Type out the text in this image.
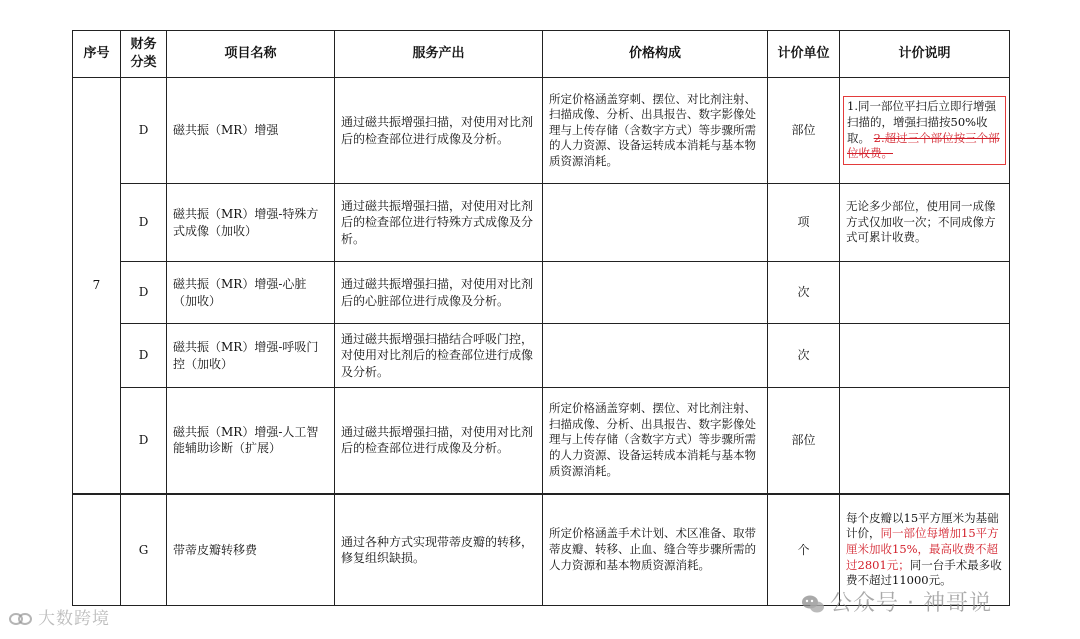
序号	财务分类	项目名称	服务产出	价格构成	计价单位	计价说明
7	D	磁共振（MR）增强	通过磁共振增强扫描，对使用对比剂后的检查部位进行成像及分析。	所定价格涵盖穿刺、摆位、对比剂注射、扫描成像、分析、出具报告、数字影像处理与上传存储（含数字方式）等步骤所需的人力资源、设备运转成本消耗与基本物质资源消耗。	部位	1.同一部位平扫后立即行增强扫描的，增强扫描按50%收取。 2.超过三个部位按三个部位收费。

	D	磁共振（MR）增强-特殊方式成像（加收）	通过磁共振增强扫描，对使用对比剂后的检查部位进行特殊方式成像及分析。		项	无论多少部位，使用同一成像方式仅加收一次；不同成像方式可累计收费。
	D	磁共振（MR）增强-心脏（加收）	通过磁共振增强扫描，对使用对比剂后的心脏部位进行成像及分析。		次	
	D	磁共振（MR）增强-呼吸门控（加收）	通过磁共振增强扫描结合呼吸门控，对使用对比剂后的检查部位进行成像及分析。		次	
	D	磁共振（MR）增强-人工智能辅助诊断（扩展）	通过磁共振增强扫描，对使用对比剂后的检查部位进行成像及分析。	所定价格涵盖穿刺、摆位、对比剂注射、扫描成像、分析、出具报告、数字影像处理与上传存储（含数字方式）等步骤所需的人力资源、设备运转成本消耗与基本物质资源消耗。	部位	
	G	带蒂皮瓣转移费	通过各种方式实现带蒂皮瓣的转移，修复组织缺损。	所定价格涵盖手术计划、术区准备、取带蒂皮瓣、转移、止血、缝合等步骤所需的人力资源和基本物质资源消耗。	个	每个皮瓣以15平方厘米为基础计价，同一部位每增加15平方厘米加收15%，最高收费不超过2801元；同一台手术最多收费不超过11000元。
大数跨境
公众号 · 神哥说
